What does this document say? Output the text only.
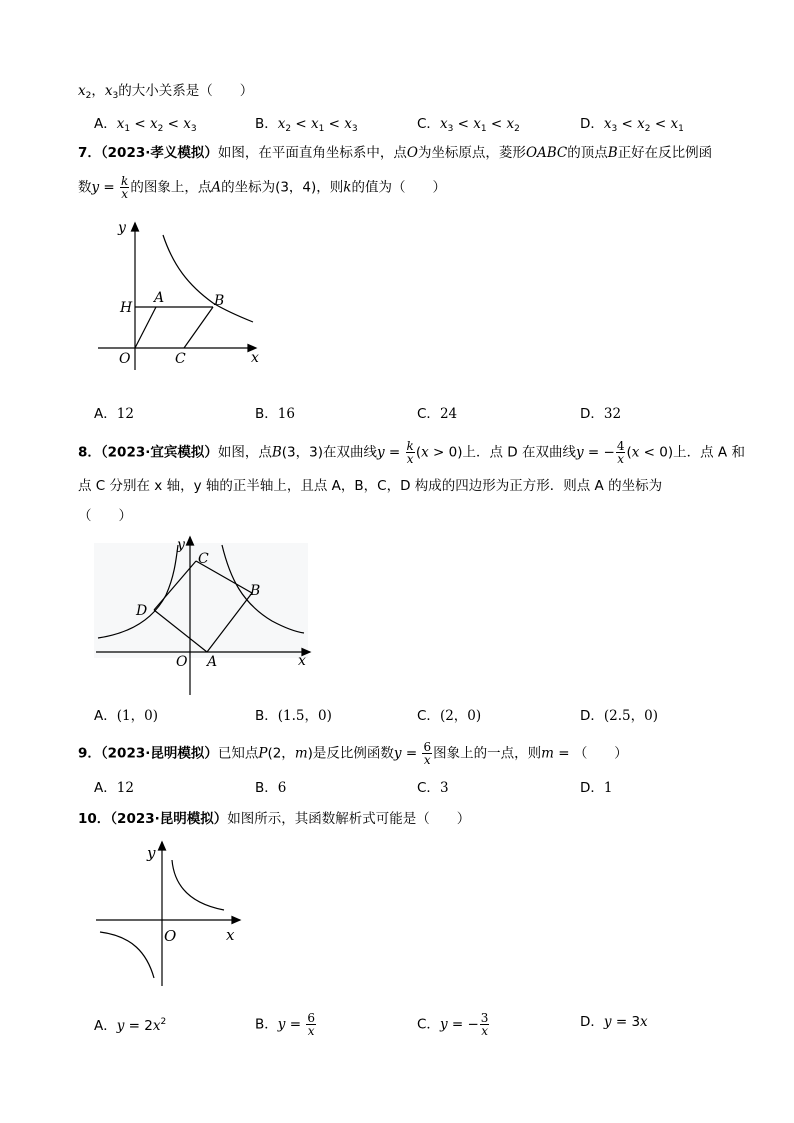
$x_2$，$x_3$的大小关系是（　　）
A．$x_1 < x_2 < x_3$	B．$x_2 < x_1 < x_3$	C．$x_3 < x_1 < x_2$	D．$x_3 < x_2 < x_1$
7．（2023·孝义模拟）如图，在平面直角坐标系中，点O为坐标原点，菱形OABC的顶点B正好在反比例函
数$y = \frac{k}{x}$ 的图象上，点A的坐标为(3，4)，则k的值为（　　）
y
x
O
H
A	B
C
A．12	B．16	C．24	D．32
8．（2023·宜宾模拟）如图，点B(3，3)在双曲线$y = \frac{k}{x} (x > 0)$上．点 D 在双曲线y = − $\frac{4}{x} (x < 0)$上．点 A 和
点 C 分别在 x 轴，y 轴的正半轴上，且点 A，B，C，D 构成的四边形为正方形．则点 A 的坐标为
（　　）
y
x
O A
B
C
D
A．(1，0)	B．(1.5，0)	C．(2，0)	D．(2.5，0)
9．（2023·昆明模拟）已知点P(2，m)是反比例函数$y = \frac{6}{x}$ 图象上的一点，则m = （　　）
A．12	B．6	C．3	D．1
10．（2023·昆明模拟）如图所示，其函数解析式可能是（　　）
y
x
O
A．$y = 2x^2$	B．$y = \frac{6}{x}$	C．y = − $\frac{3}{x}$	D．y = 3x
